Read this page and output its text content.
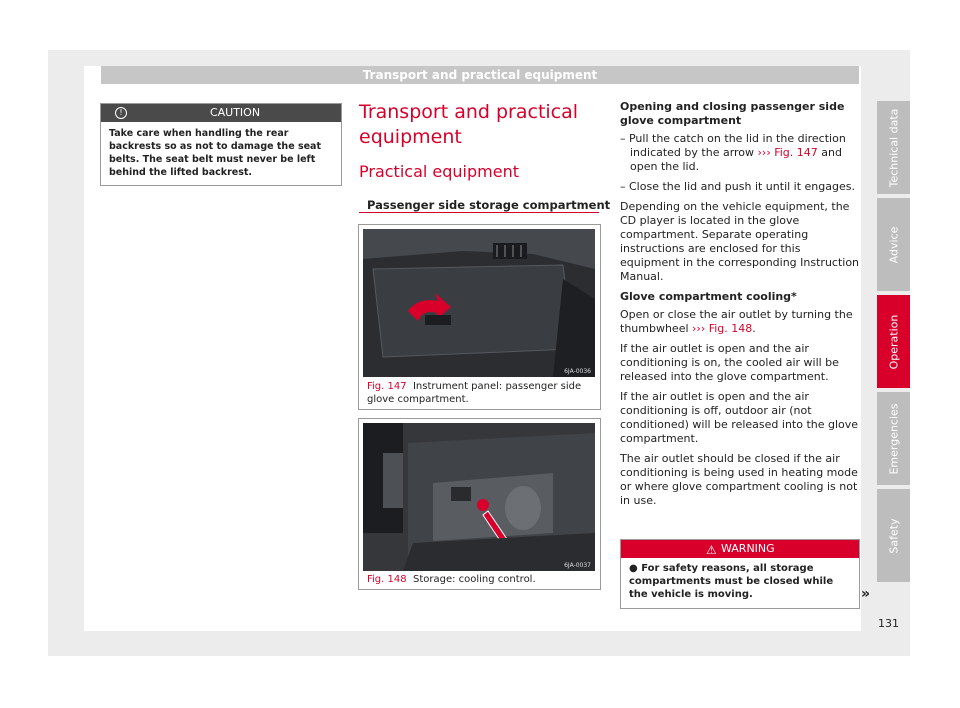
Transport and practical equipment
Technical data
Advice
Operation
Emergencies
Safety
!	CAUTION
Take care when handling the rear backrests so as not to damage the seat belts. The seat belt must never be left behind the lifted backrest.
Transport and practical equipment
Practical equipment
Passenger side storage compartment
6JA-0036
Fig. 147 Instrument panel: passenger side glove compartment.
6JA-0037
Fig. 148 Storage: cooling control.

Opening and closing passenger side glove compartment

– Pull the catch on the lid in the direction indicated by the arrow ››› Fig. 147 and open the lid.

– Close the lid and push it until it engages.

Depending on the vehicle equipment, the CD player is located in the glove compartment. Separate operating instructions are enclosed for this equipment in the corresponding Instruction Manual.

Glove compartment cooling*

Open or close the air outlet by turning the thumbwheel ››› Fig. 148.

If the air outlet is open and the air conditioning is on, the cooled air will be released into the glove compartment.

If the air outlet is open and the air conditioning is off, outdoor air (not conditioned) will be released into the glove compartment.

The air outlet should be closed if the air conditioning is being used in heating mode or where glove compartment cooling is not in use.

⚠ WARNING
● For safety reasons, all storage compartments must be closed while the vehicle is moving.	»
131
